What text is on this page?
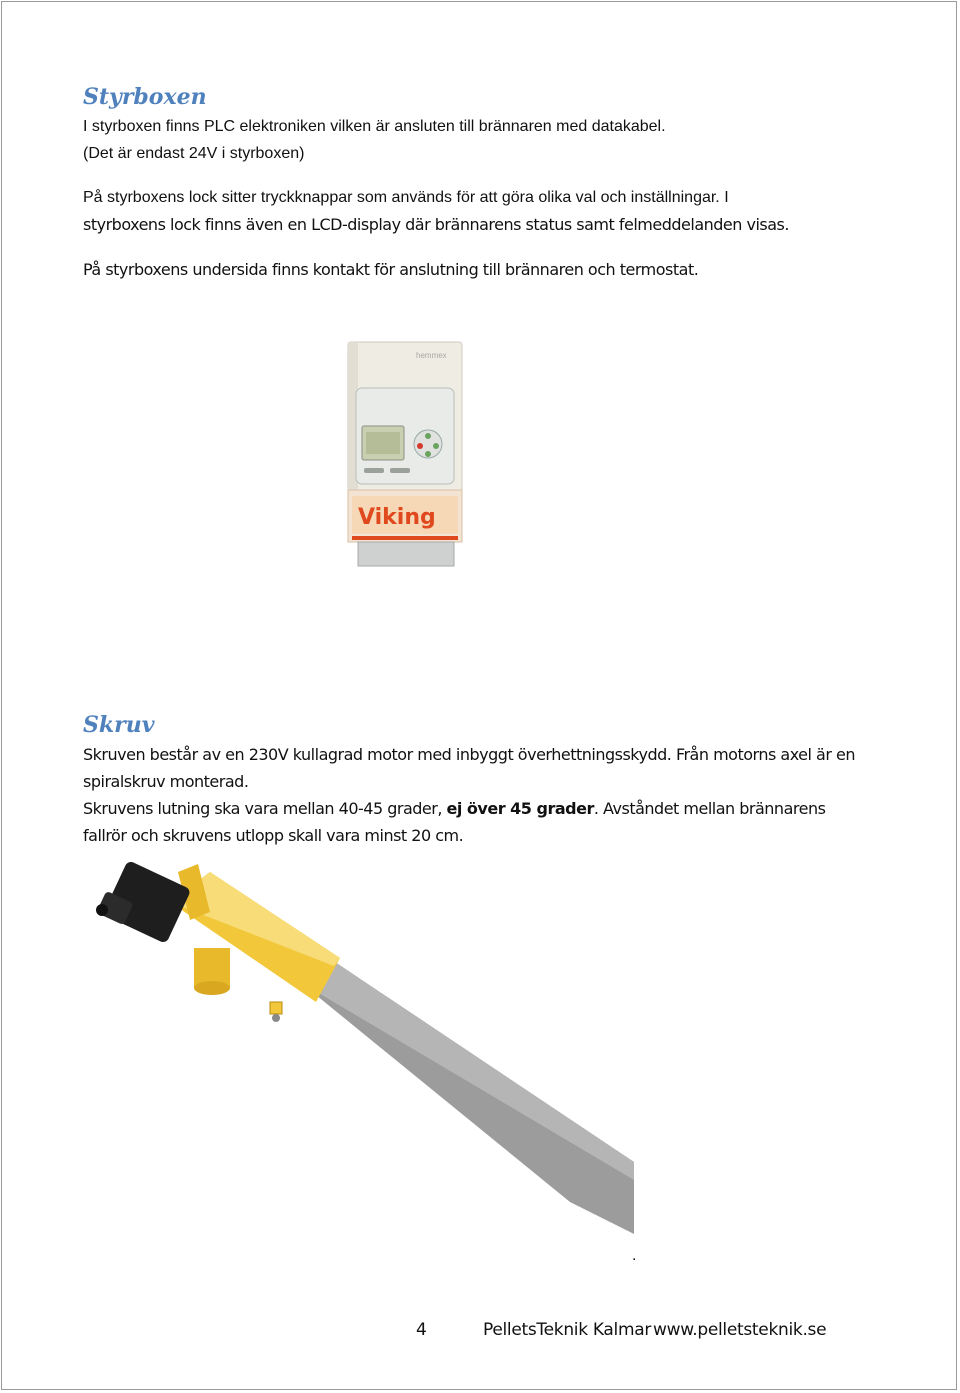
Styrboxen

I styrboxen finns PLC elektroniken vilken är ansluten till brännaren med datakabel.

(Det är endast 24V i styrboxen)

På styrboxens lock sitter tryckknappar som används för att göra olika val och inställningar. I

styrboxens lock finns även en LCD-display där brännarens status samt felmeddelanden visas.

På styrboxens undersida finns kontakt för anslutning till brännaren och termostat.

hemmex
Viking
Skruv

Skruven består av en 230V kullagrad motor med inbyggt överhettningsskydd. Från motorns axel är en

spiralskruv monterad.

Skruvens lutning ska vara mellan 40-45 grader, ej över 45 grader. Avståndet mellan brännarens

fallrör och skruvens utlopp skall vara minst 20 cm.

.
4	PelletsTeknik Kalmar www.pelletsteknik.se
